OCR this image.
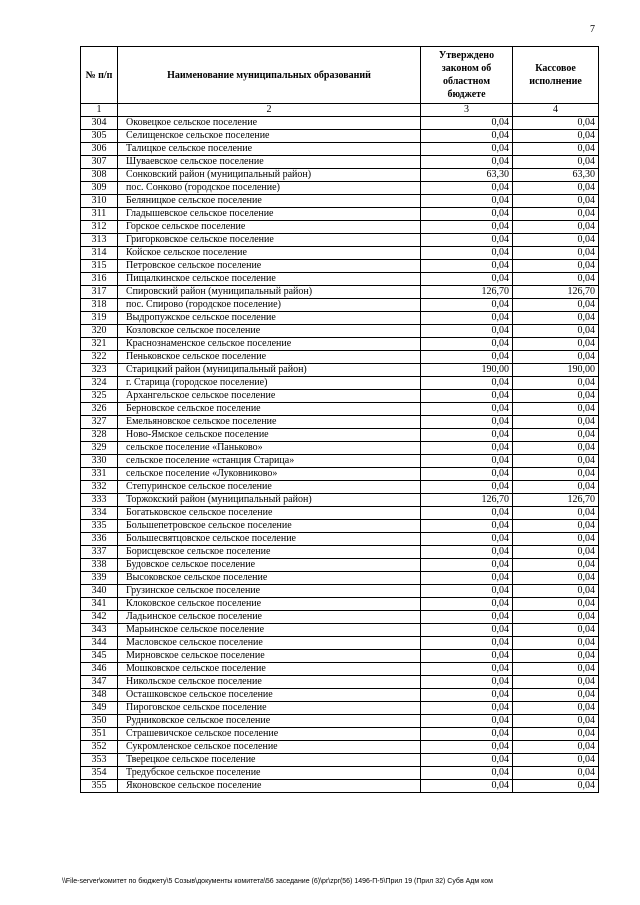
7
№ п/п	Наименование муниципальных образований	Утверждено законом об областном бюджете	Кассовое исполнение
1	2	3	4
304	Оковецкое сельское поселение	0,04	0,04
305	Селищенское сельское поселение	0,04	0,04
306	Талицкое сельское поселение	0,04	0,04
307	Шуваевское сельское поселение	0,04	0,04
308	Сонковский район (муниципальный район)	63,30	63,30
309	пос. Сонково (городское поселение)	0,04	0,04
310	Беляницкое сельское поселение	0,04	0,04
311	Гладышевское сельское поселение	0,04	0,04
312	Горское сельское поселение	0,04	0,04
313	Григорковское сельское поселение	0,04	0,04
314	Койское сельское поселение	0,04	0,04
315	Петровское сельское поселение	0,04	0,04
316	Пищалкинское сельское поселение	0,04	0,04
317	Спировский район (муниципальный район)	126,70	126,70
318	пос. Спирово (городское поселение)	0,04	0,04
319	Выдропужское сельское поселение	0,04	0,04
320	Козловское сельское поселение	0,04	0,04
321	Краснознаменское сельское поселение	0,04	0,04
322	Пеньковское сельское поселение	0,04	0,04
323	Старицкий район (муниципальный район)	190,00	190,00
324	г. Старица (городское поселение)	0,04	0,04
325	Архангельское сельское поселение	0,04	0,04
326	Берновское сельское поселение	0,04	0,04
327	Емельяновское сельское поселение	0,04	0,04
328	Ново-Ямское сельское поселение	0,04	0,04
329	сельское поселение «Паньково»	0,04	0,04
330	сельское поселение «станция Старица»	0,04	0,04
331	сельское поселение «Луковниково»	0,04	0,04
332	Степуринское сельское поселение	0,04	0,04
333	Торжокский район (муниципальный район)	126,70	126,70
334	Богатьковское сельское поселение	0,04	0,04
335	Большепетровское сельское поселение	0,04	0,04
336	Большесвятцовское сельское поселение	0,04	0,04
337	Борисцевское сельское поселение	0,04	0,04
338	Будовское сельское поселение	0,04	0,04
339	Высоковское сельское поселение	0,04	0,04
340	Грузинское сельское поселение	0,04	0,04
341	Клоковское сельское поселение	0,04	0,04
342	Ладьинское сельское поселение	0,04	0,04
343	Марьинское сельское поселение	0,04	0,04
344	Масловское сельское поселение	0,04	0,04
345	Мирновское сельское поселение	0,04	0,04
346	Мошковское сельское поселение	0,04	0,04
347	Никольское сельское поселение	0,04	0,04
348	Осташковское сельское поселение	0,04	0,04
349	Пироговское сельское поселение	0,04	0,04
350	Рудниковское сельское поселение	0,04	0,04
351	Страшевичское сельское поселение	0,04	0,04
352	Сукромленское сельское поселение	0,04	0,04
353	Тверецкое сельское поселение	0,04	0,04
354	Тредубское сельское поселение	0,04	0,04
355	Яконовское сельское поселение	0,04	0,04
\\File-server\комитет по бюджету\5 Созыв\документы комитета\56 заседание (6)\pr\zpr(56) 1496-П-5\Прил 19 (Прил 32) Субв Адм ком
